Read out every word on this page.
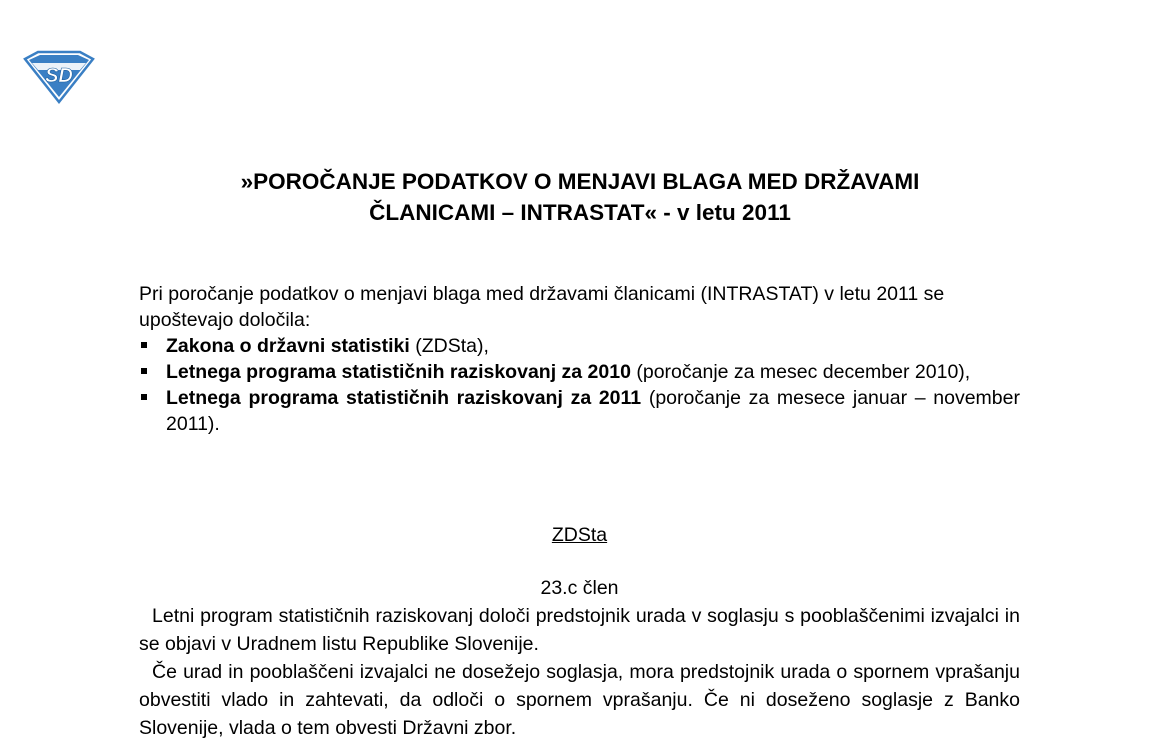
SD
»POROČANJE PODATKOV O MENJAVI BLAGA MED DRŽAVAMI
ČLANICAMI – INTRASTAT« - v letu 2011

Pri poročanje podatkov o menjavi blaga med državami članicami (INTRASTAT) v letu 2011 se upoštevajo določila:

Zakona o državni statistiki (ZDSta),
Letnega programa statističnih raziskovanj za 2010 (poročanje za mesec december 2010),
Letnega programa statističnih raziskovanj za 2011 (poročanje za mesece januar – november 2011).
ZDSta
23.c člen

Letni program statističnih raziskovanj določi predstojnik urada v soglasju s pooblaščenimi izvajalci in se objavi v Uradnem listu Republike Slovenije.

Če urad in pooblaščeni izvajalci ne dosežejo soglasja, mora predstojnik urada o spornem vprašanju obvestiti vlado in zahtevati, da odloči o spornem vprašanju. Če ni doseženo soglasje z Banko Slovenije, vlada o tem obvesti Državni zbor.
